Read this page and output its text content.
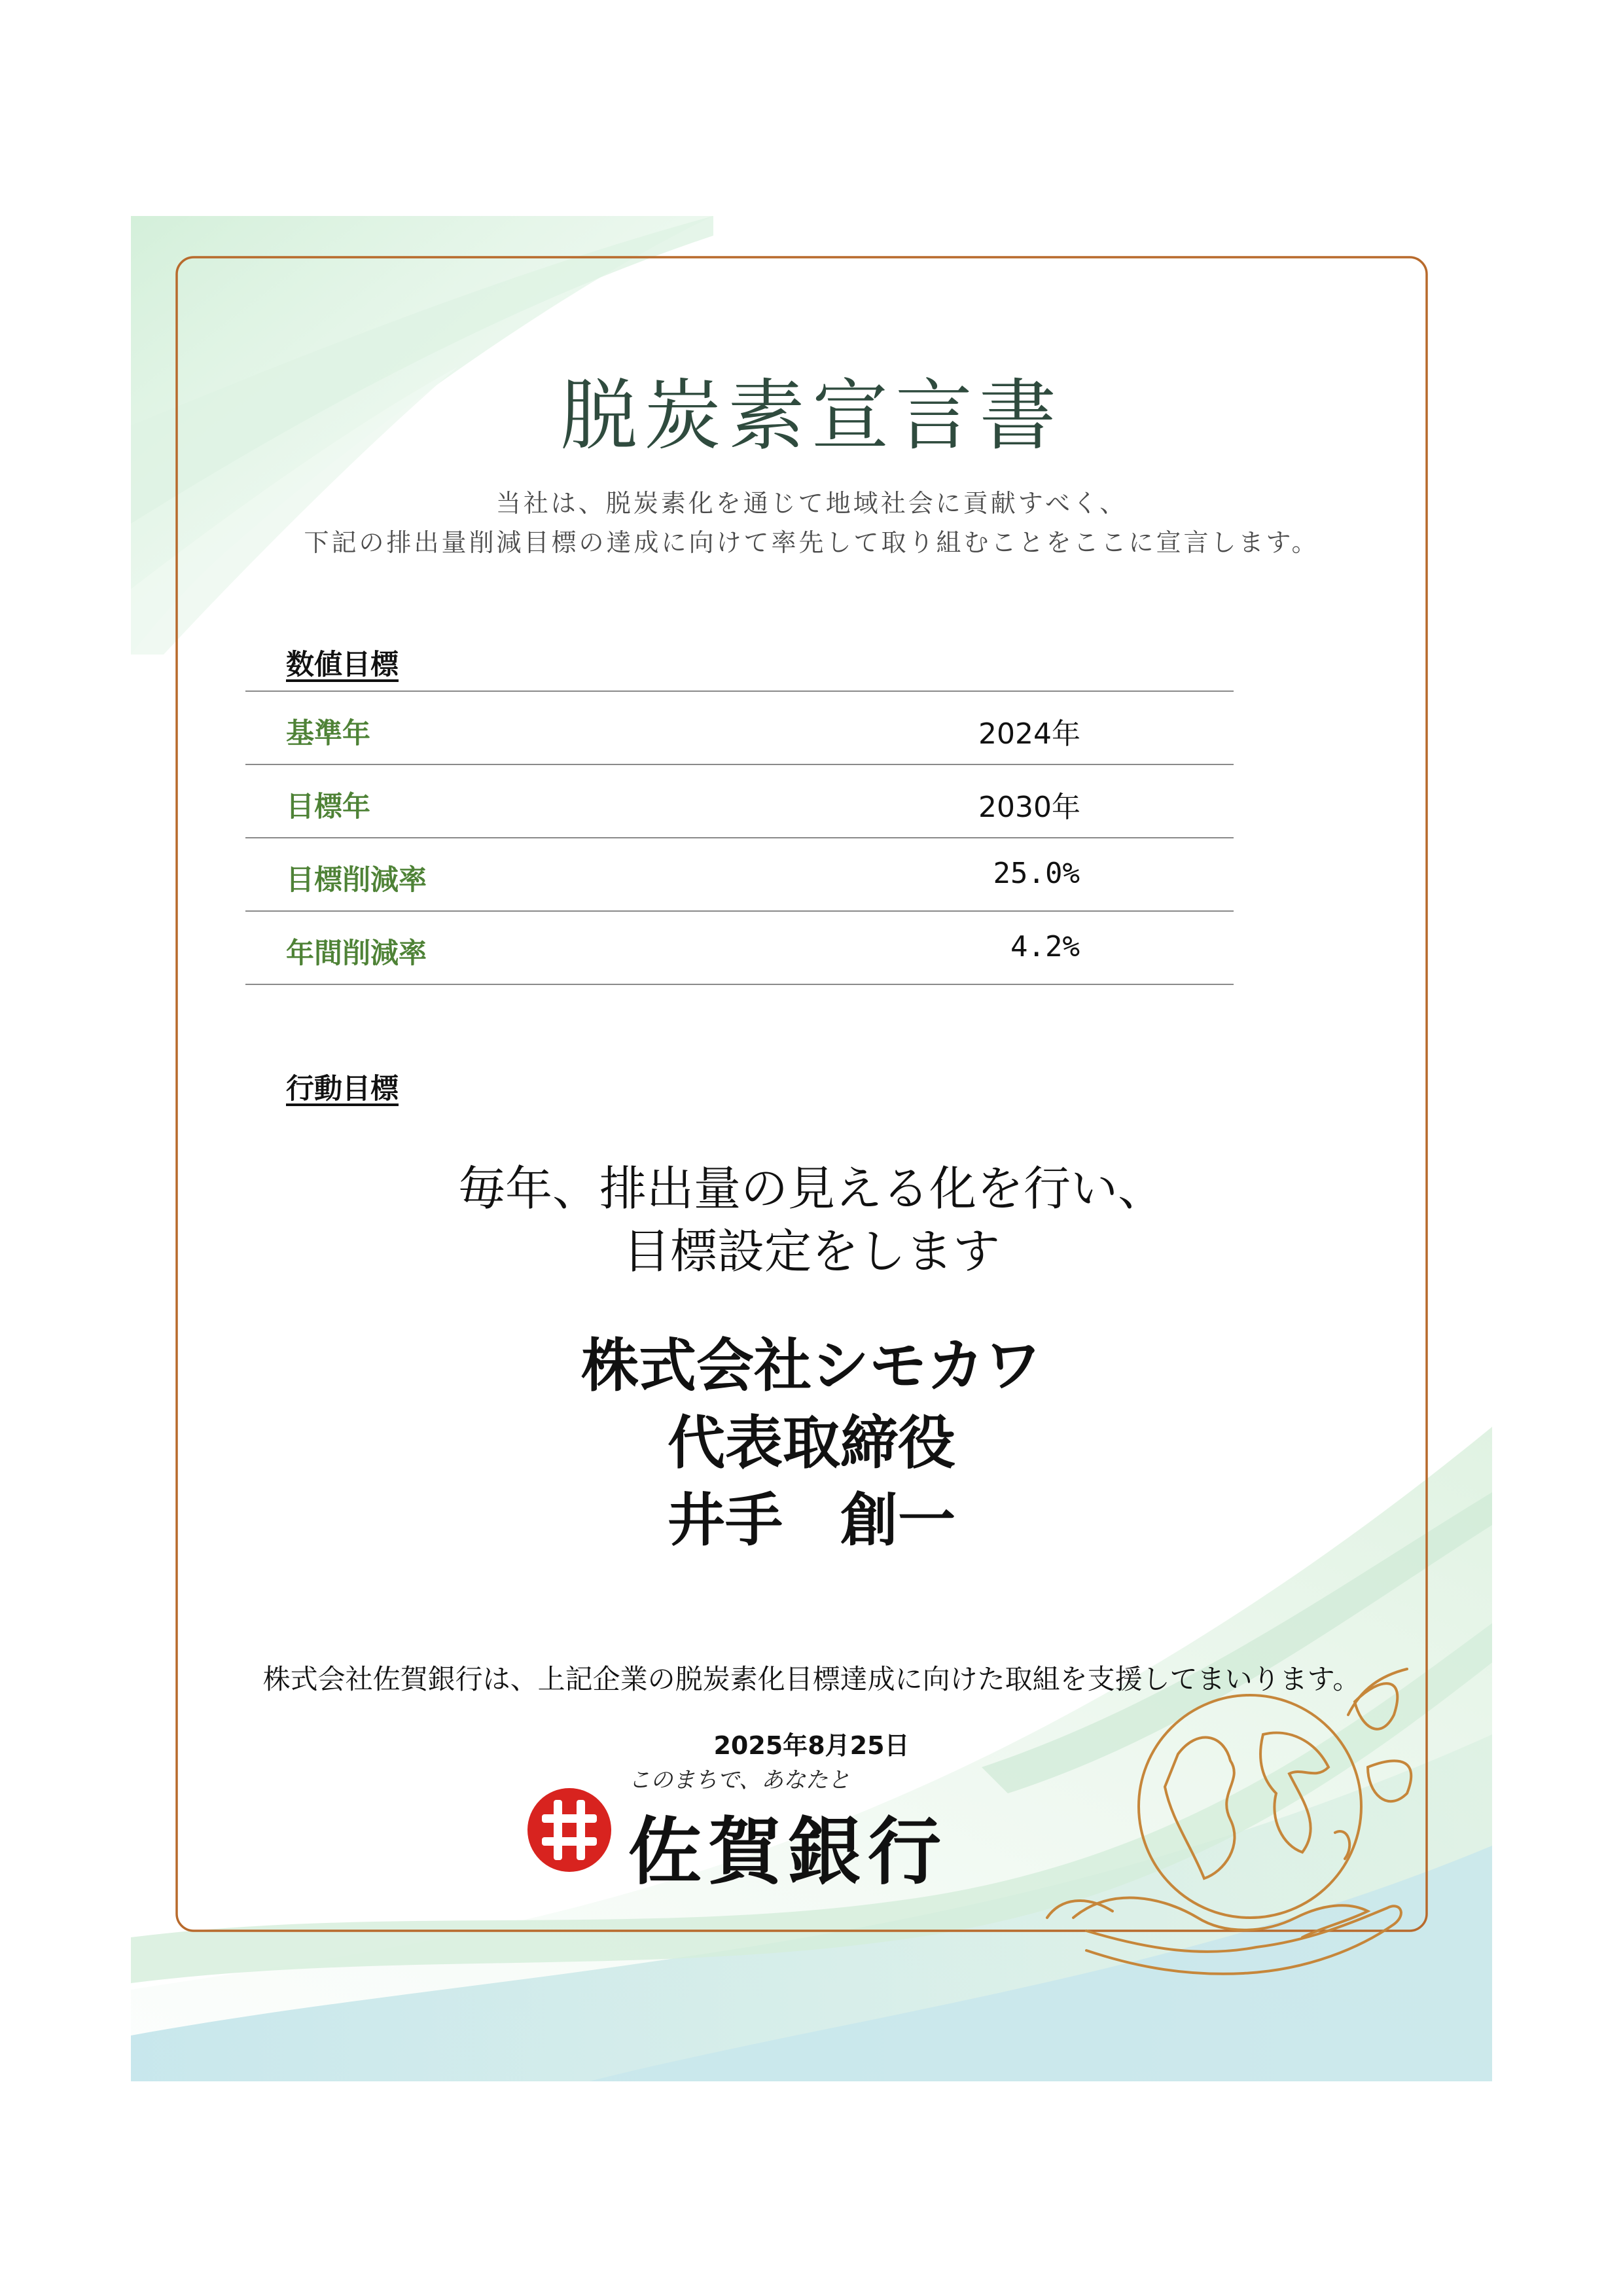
脱炭素宣言書
当社は、脱炭素化を通じて地域社会に貢献すべく、
下記の排出量削減目標の達成に向けて率先して取り組むことをここに宣言します。
数値目標
基準年	2024年
目標年	2030年
目標削減率	25.0%
年間削減率	4.2%
行動目標
毎年、排出量の見える化を行い、
目標設定をします
株式会社シモカワ
代表取締役
井手　創一
株式会社佐賀銀行は、上記企業の脱炭素化目標達成に向けた取組を支援してまいります。
2025年8月25日
このまちで、あなたと
佐賀銀行
